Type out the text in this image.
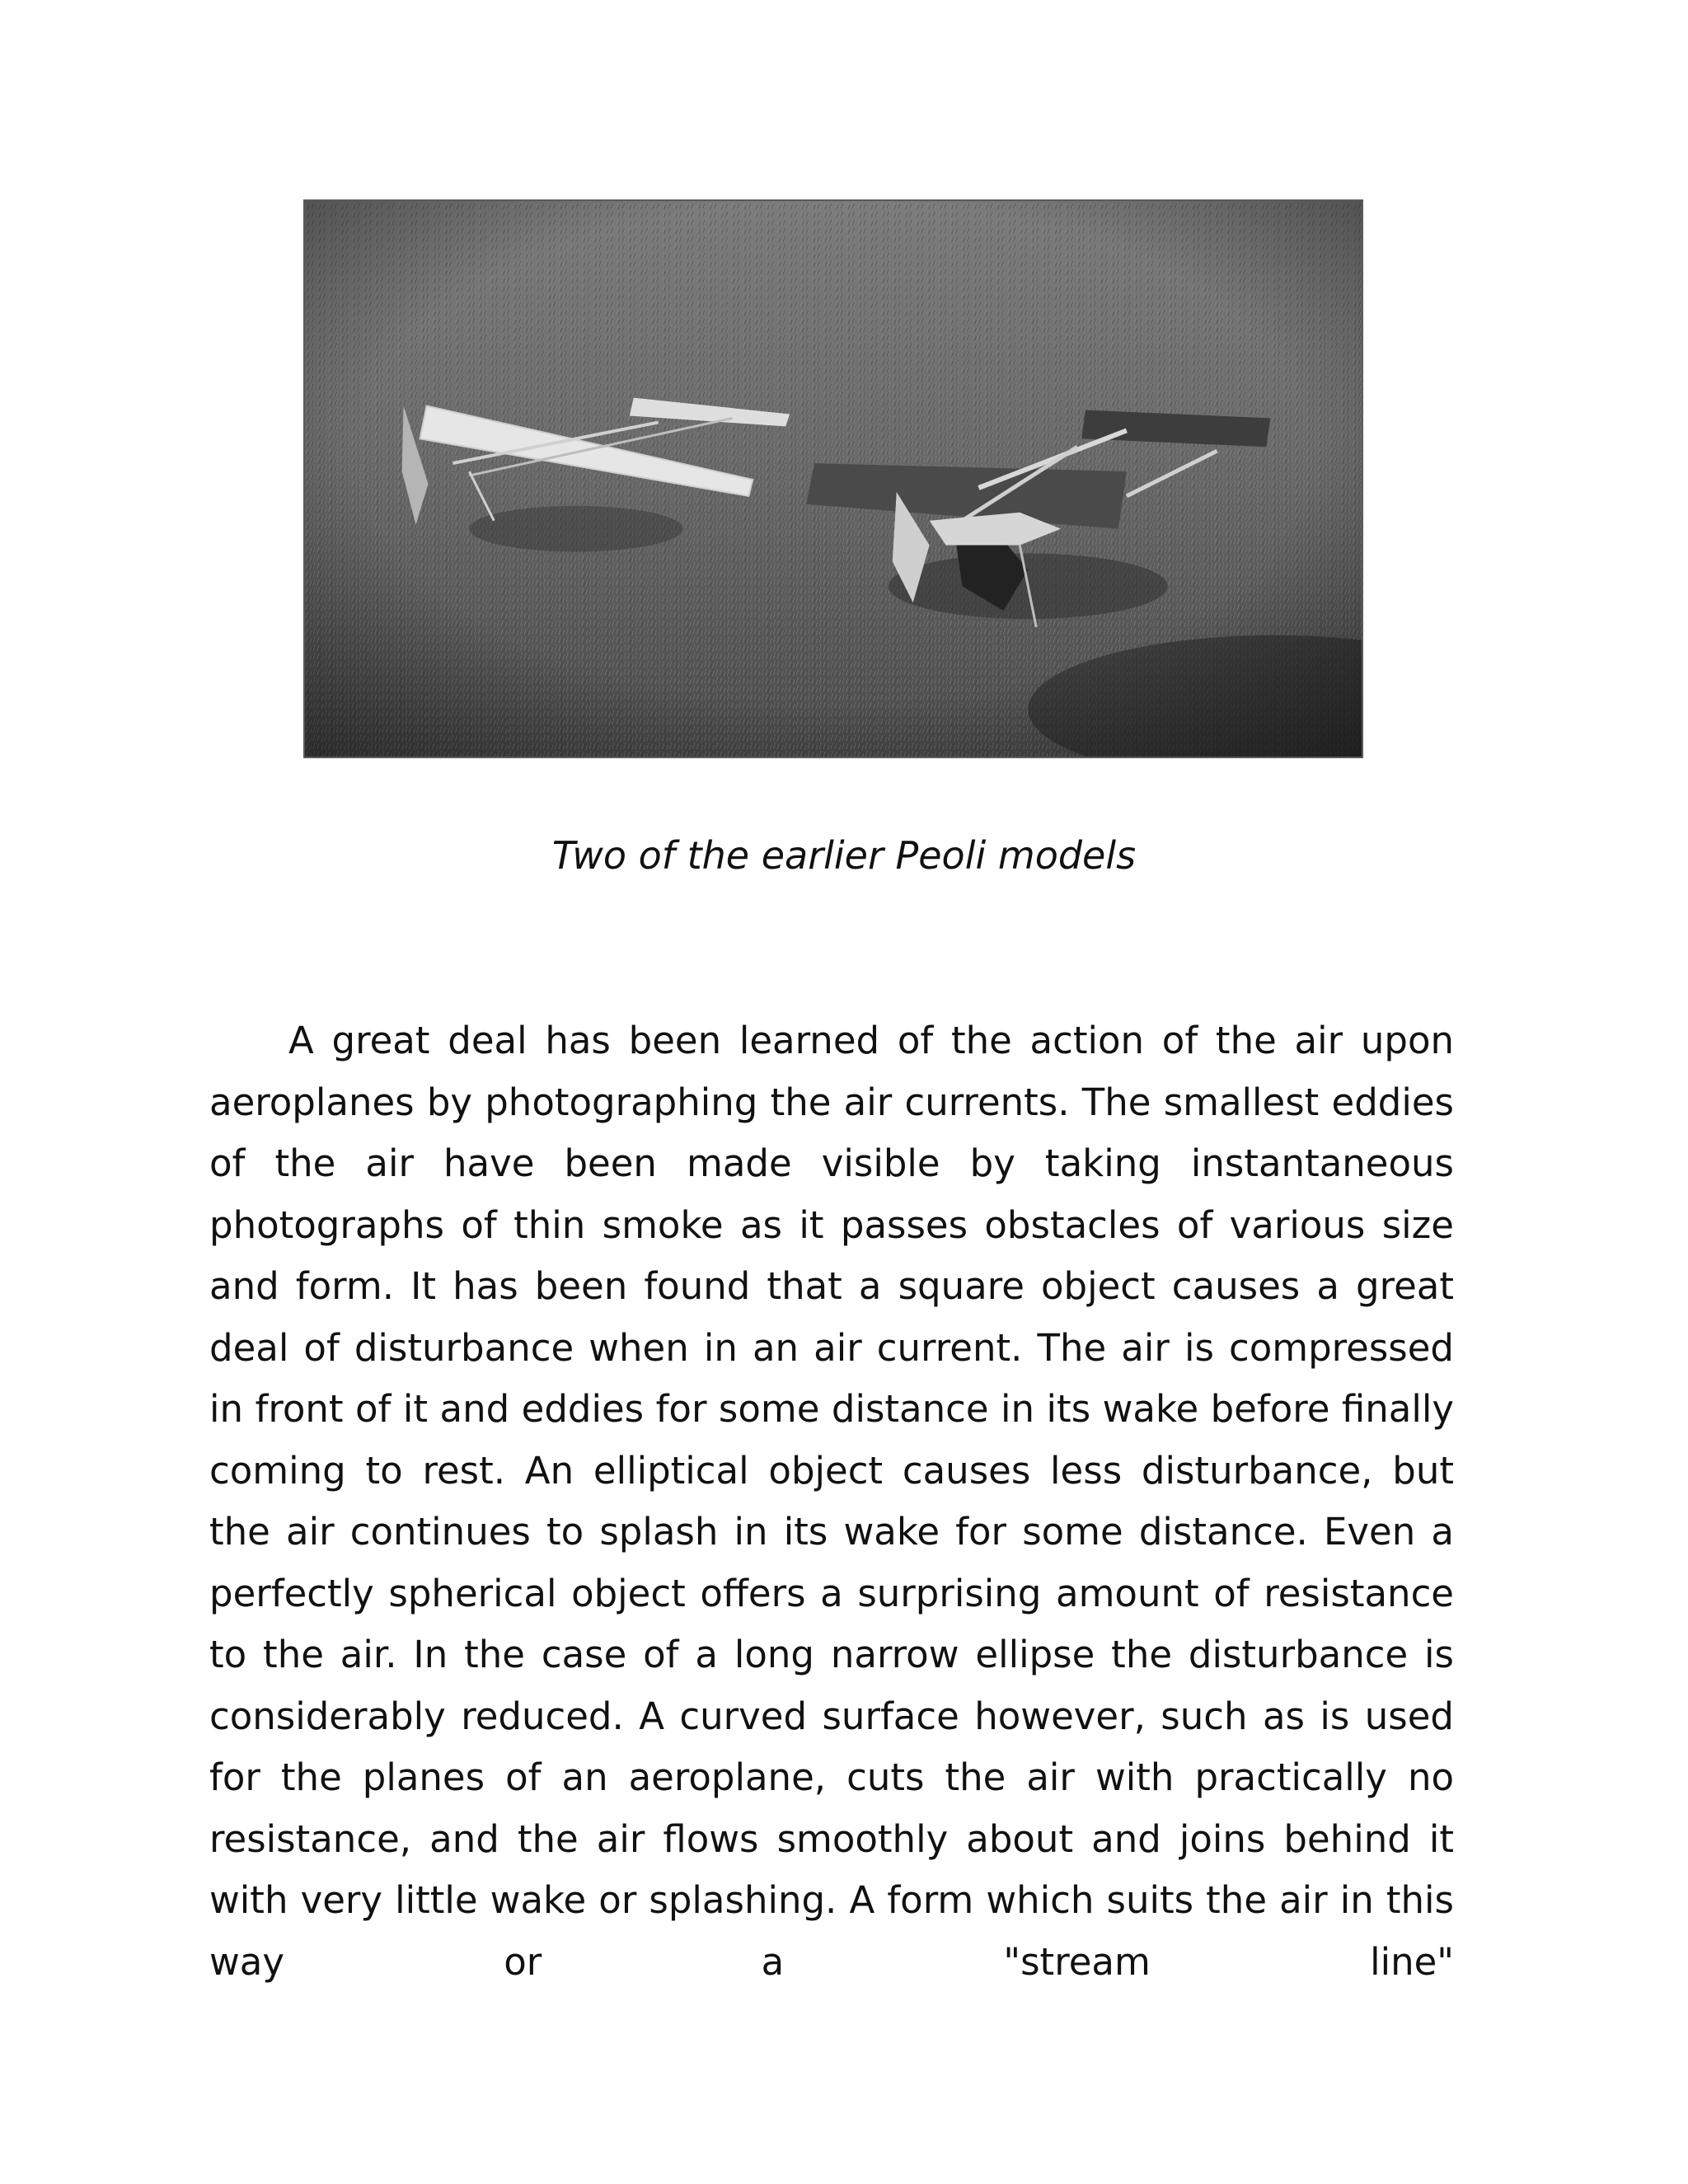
Two of the earlier Peoli models

A great deal has been learned of the action of the air upon aeroplanes by photographing the air currents. The smallest eddies of the air have been made visible by taking instantaneous photographs of thin smoke as it passes obstacles of various size and form. It has been found that a square object causes a great deal of disturbance when in an air current. The air is compressed in front of it and eddies for some distance in its wake before finally coming to rest. An elliptical object causes less disturbance, but the air continues to splash in its wake for some distance. Even a perfectly spherical object offers a surprising amount of resistance to the air. In the case of a long narrow ellipse the disturbance is considerably reduced. A curved surface however, such as is used for the planes of an aeroplane, cuts the air with practically no resistance, and the air flows smoothly about and joins behind it with very little wake or splashing. A form which suits the air in this way or a "stream line"
